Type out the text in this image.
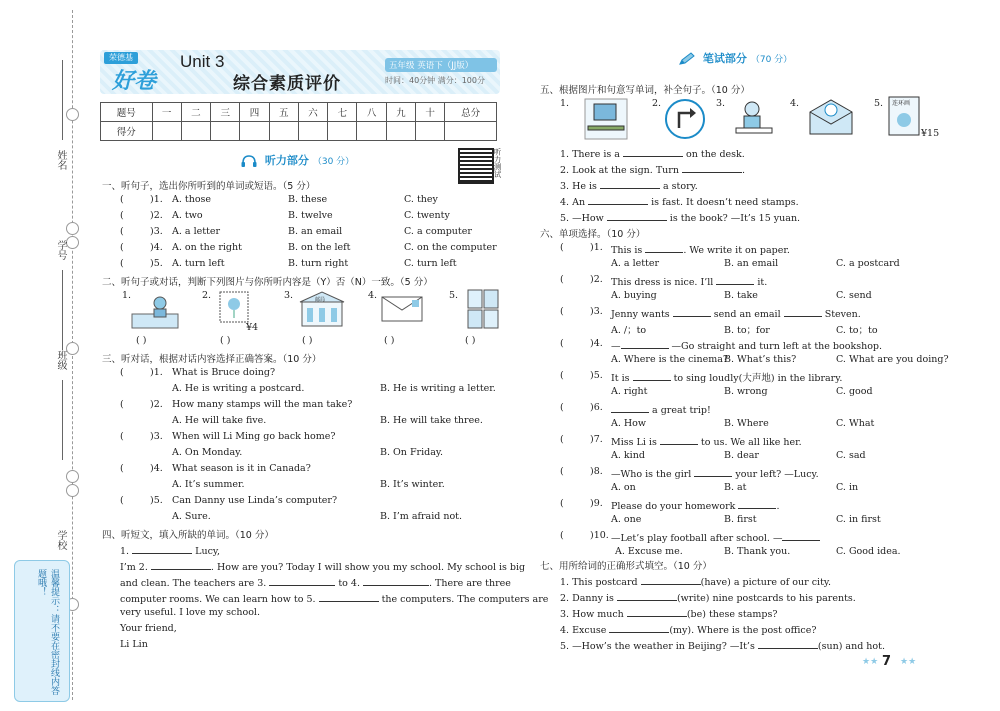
姓名
学号
班级
学校
温馨提示：请不要在密封线内答题哦！
荣德基
好卷
Unit 3
综合素质评价
五年级 英语下（JJ版）
时间：40分钟 满分：100分
题号	一	二	三	四	五	六	七	八	九	十	总分
得分											
听力部分 （30 分）	听力测试
一、听句子，选出你所听到的单词或短语。（5 分）
(	)1. A. those	B. these	C. they
(	)2. A. two	B. twelve	C. twenty
(	)3. A. a letter	B. an email	C. a computer
(	)4. A. on the right	B. on the left	C. on the computer
(	)5. A. turn left	B. turn right	C. turn left
二、听句子或对话，判断下列图片与你所听内容是（Y）否（N）一致。（5 分）
1.	2.
¥4
3.	邮局	4.	5.
( )	( )	( )	( )	( )
三、听对话，根据对话内容选择正确答案。（10 分）
(	)1. What is Bruce doing?
A. He is writing a postcard.	B. He is writing a letter.
(	)2. How many stamps will the man take?
A. He will take five.	B. He will take three.
(	)3. When will Li Ming go back home?
A. On Monday.	B. On Friday.
(	)4. What season is it in Canada?
A. It’s summer.	B. It’s winter.
(	)5. Can Danny use Linda’s computer?
A. Sure.	B. I’m afraid not.
四、听短文，填入所缺的单词。（10 分）
1.	Lucy,
I’m 2.	. How are you? Today I will show you my school. My school is big
and clean. The teachers are 3.	to 4.	. There are three
computer rooms. We can learn how to 5.	the computers. The computers are
very useful. I love my school.
Your friend,
Li Lin
笔试部分 （70 分）
五、根据图片和句意写单词，补全句子。（10 分）
1.	2.	3.	4.	5. 连环画
¥15
1. There is a	on the desk.
2. Look at the sign. Turn	.
3. He is	a story.
4. An	is fast. It doesn’t need stamps.
5. —How	is the book? —It’s 15 yuan.
六、单项选择。（10 分）
(	)1. This is	. We write it on paper.
A. a letter	B. an email	C. a postcard
(	)2. This dress is nice. I’ll	it.
A. buying	B. take	C. send
(	)3. Jenny wants	send an email	Steven.
A. /；to	B. to；for	C. to；to
(	)4. —	—Go straight and turn left at the bookshop.
A. Where is the cinema?
B. What’s this?	C. What are you doing?
(	)5. It is	to sing loudly(大声地) in the library.
A. right	B. wrong	C. good
(	)6.	a great trip!
A. How	B. Where	C. What
(	)7. Miss Li is	to us. We all like her.
A. kind	B. dear	C. sad
(	)8. —Who is the girl	your left? —Lucy.
A. on	B. at	C. in
(	)9. Please do your homework	.
A. one	B. first	C. in first
(	)10. —Let’s play football after school. —
A. Excuse me.	B. Thank you.	C. Good idea.
七、用所给词的正确形式填空。（10 分）
1. This postcard	(have) a picture of our city.
2. Danny is	(write) nine postcards to his parents.
3. How much	(be) these stamps?
4. Excuse	(my). Where is the post office?
5. —How’s the weather in Beijing? —It’s	(sun) and hot.
★★ 7 ★★
